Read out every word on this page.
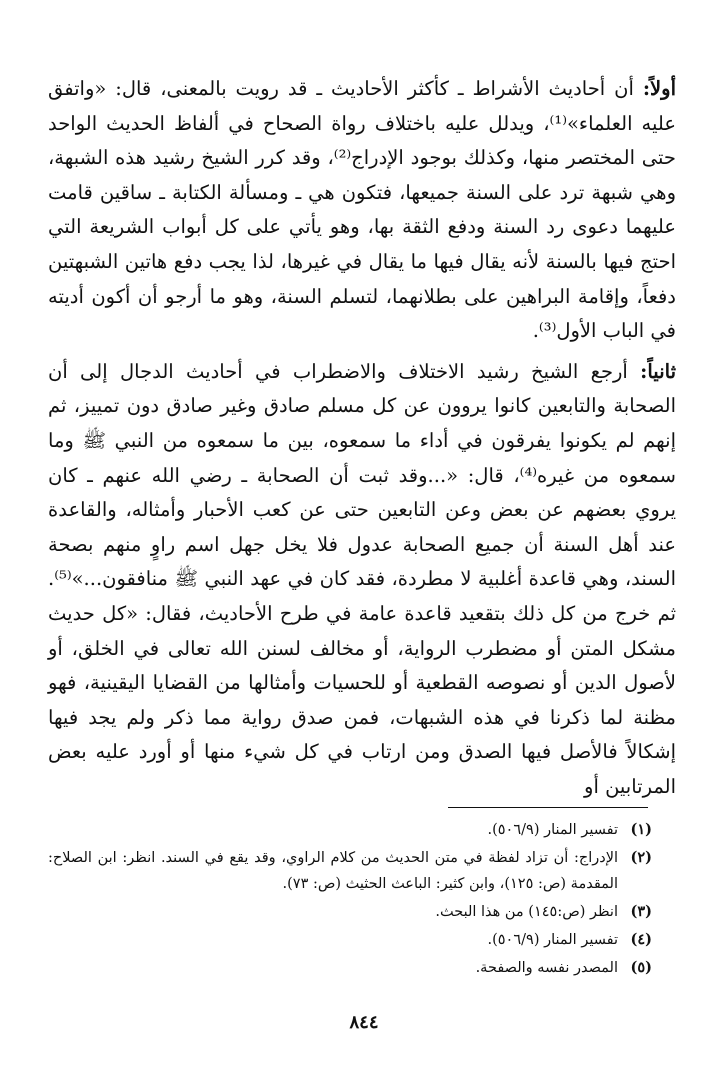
أولاً: أن أحاديث الأشراط ـ كأكثر الأحاديث ـ قد رويت بالمعنى، قال: «واتفق عليه العلماء»⁽¹⁾، ويدلل عليه باختلاف رواة الصحاح في ألفاظ الحديث الواحد حتى المختصر منها، وكذلك بوجود الإدراج⁽²⁾، وقد كرر الشيخ رشيد هذه الشبهة، وهي شبهة ترد على السنة جميعها، فتكون هي ـ ومسألة الكتابة ـ ساقين قامت عليهما دعوى رد السنة ودفع الثقة بها، وهو يأتي على كل أبواب الشريعة التي احتج فيها بالسنة لأنه يقال فيها ما يقال في غيرها، لذا يجب دفع هاتين الشبهتين دفعاً، وإقامة البراهين على بطلانهما، لتسلم السنة، وهو ما أرجو أن أكون أديته في الباب الأول⁽³⁾.

ثانياً: أرجع الشيخ رشيد الاختلاف والاضطراب في أحاديث الدجال إلى أن الصحابة والتابعين كانوا يروون عن كل مسلم صادق وغير صادق دون تمييز، ثم إنهم لم يكونوا يفرقون في أداء ما سمعوه، بين ما سمعوه من النبي ﷺ وما سمعوه من غيره⁽⁴⁾، قال: «...وقد ثبت أن الصحابة ـ رضي الله عنهم ـ كان يروي بعضهم عن بعض وعن التابعين حتى عن كعب الأحبار وأمثاله، والقاعدة عند أهل السنة أن جميع الصحابة عدول فلا يخل جهل اسم راوٍ منهم بصحة السند، وهي قاعدة أغلبية لا مطردة، فقد كان في عهد النبي ﷺ منافقون...»⁽⁵⁾. ثم خرج من كل ذلك بتقعيد قاعدة عامة في طرح الأحاديث، فقال: «كل حديث مشكل المتن أو مضطرب الرواية، أو مخالف لسنن الله تعالى في الخلق، أو لأصول الدين أو نصوصه القطعية أو للحسيات وأمثالها من القضايا اليقينية، فهو مظنة لما ذكرنا في هذه الشبهات، فمن صدق رواية مما ذكر ولم يجد فيها إشكالاً فالأصل فيها الصدق ومن ارتاب في كل شيء منها أو أورد عليه بعض المرتابين أو

(١)
تفسير المنار (٥٠٦/٩).
(٢)
الإدراج: أن تزاد لفظة في متن الحديث من كلام الراوي، وقد يقع في السند. انظر: ابن الصلاح: المقدمة (ص: ١٢٥)، وابن كثير: الباعث الحثيث (ص: ٧٣).
(٣)
انظر (ص:١٤٥) من هذا البحث.
(٤)
تفسير المنار (٥٠٦/٩).
(٥)
المصدر نفسه والصفحة.
٨٤٤
